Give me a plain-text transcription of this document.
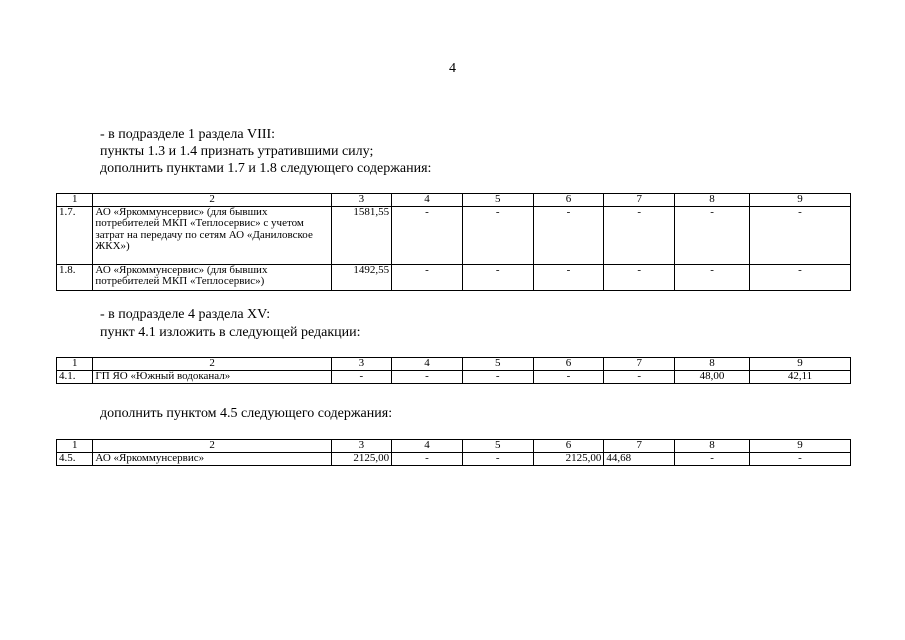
4
- в подразделе 1 раздела VIII:
пункты 1.3 и 1.4 признать утратившими силу;
дополнить пунктами 1.7 и 1.8 следующего содержания:
1	2	3	4	5	6	7	8	9
1.7.	АО «Яркоммунсервис» (для бывших потребителей МКП «Теплосервис» с учетом затрат на передачу по сетям АО «Даниловское ЖКХ»)	1581,55	-	-	-	-	-	-
1.8.	АО «Яркоммунсервис» (для бывших потребителей МКП «Теплосервис»)	1492,55	-	-	-	-	-	-
- в подразделе 4 раздела XV:
пункт 4.1 изложить в следующей редакции:
1	2	3	4	5	6	7	8	9
4.1.	ГП ЯО «Южный водоканал»	-	-	-	-	-	48,00	42,11
дополнить пунктом 4.5 следующего содержания:
1	2	3	4	5	6	7	8	9
4.5.	АО «Яркоммунсервис»	2125,00	-	-	2125,00	44,68	-	-
